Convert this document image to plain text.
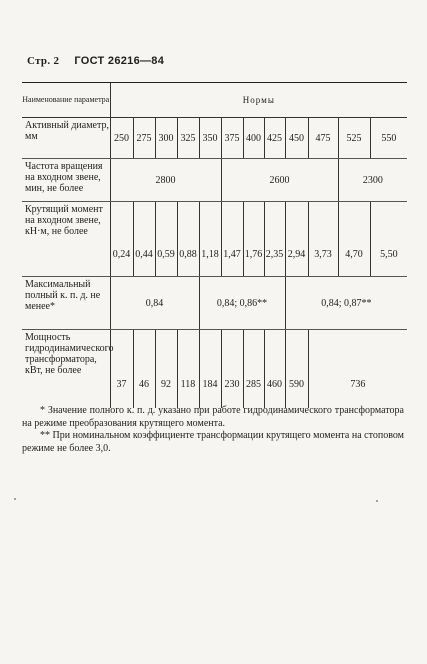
Стр. 2 ГОСТ 26216—84
Наименование параметра	Нормы											

Активный диаметр, мм	250	275	300	325	350	375	400	425	450	475	525	550

Частота вращения на входном звене, мин, не более	2800					2600					2300	

Крутящий момент на входном звене, кН·м, не более	0,24	0,44	0,59	0,88	1,18	1,47	1,76	2,35	2,94	3,73	4,70	5,50

Максимальный полный к. п. д. не менее*	0,84				0,84; 0,86**				0,84; 0,87**			

Мощность гидродинамического трансформатора, кВт, не более	37	46	92	118	184	230	285	460	590	736		

* Значение полного к. п. д. указано при работе гидродинамического трансформатора на режиме преобразования крутящего момента.

** При номинальном коэффициенте трансформации крутящего момента на стоповом режиме не более 3,0.
